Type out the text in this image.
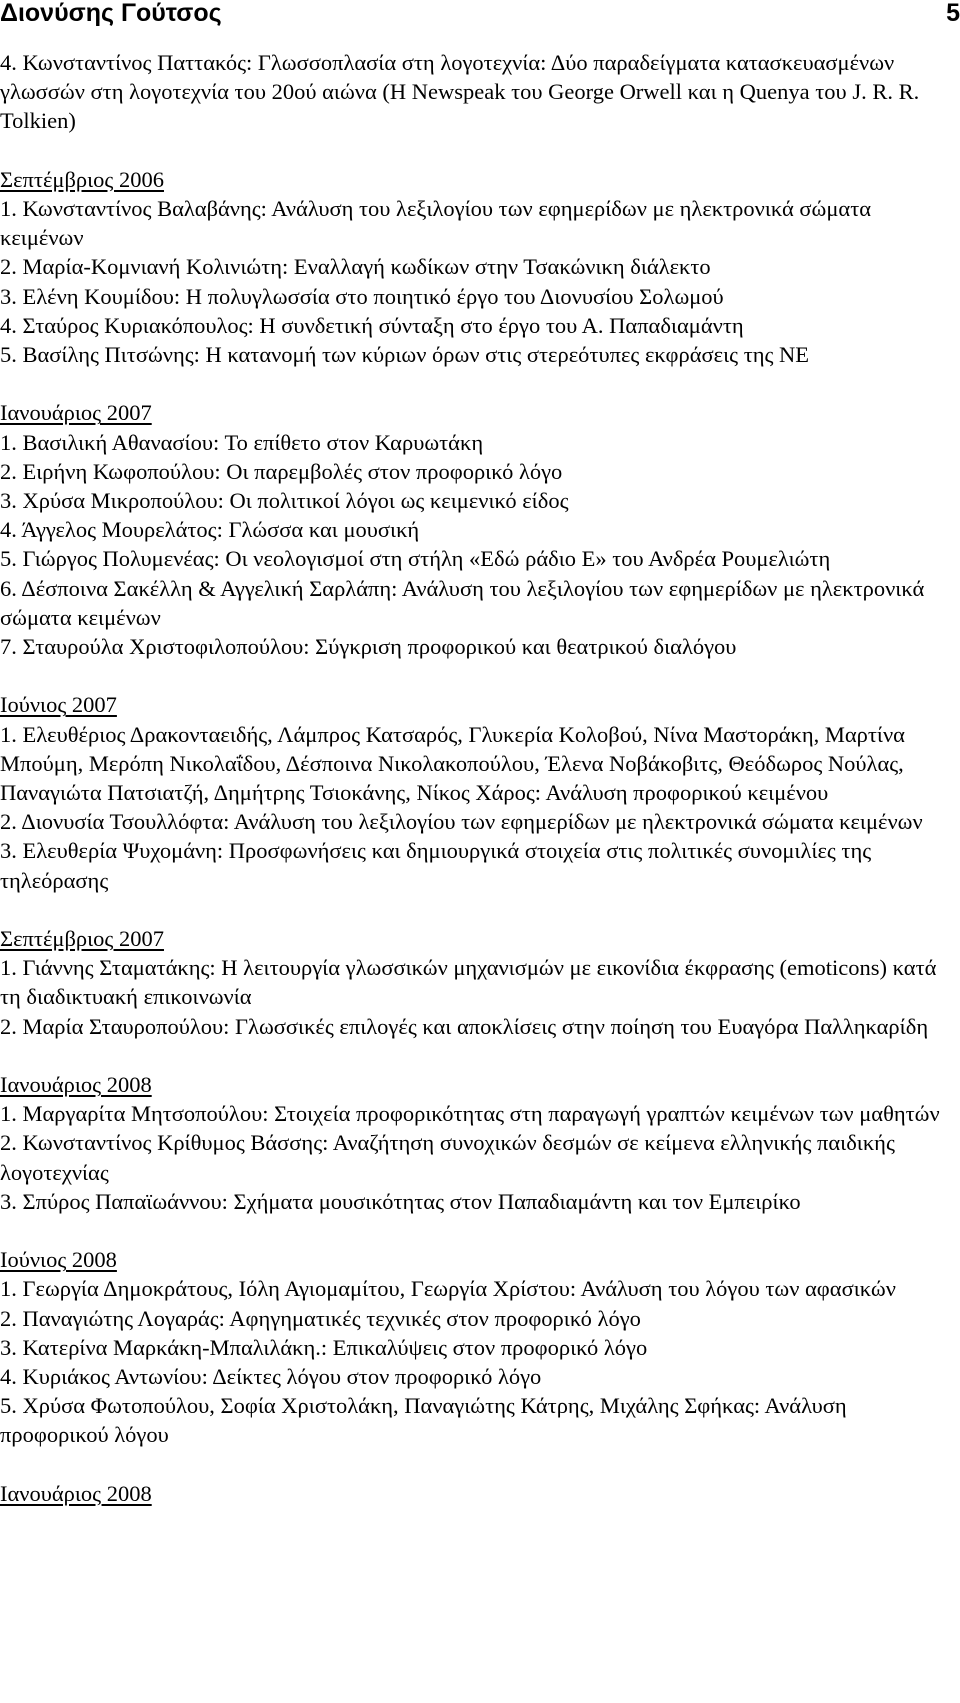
Διονύσης Γούτσος	5
4. Κωνσταντίνος Παττακός: Γλωσσοπλασία στη λογοτεχνία: Δύο παραδείγματα κατασκευασμένων γλωσσών στη λογοτεχνία του 20ού αιώνα (Η Newspeak του George Orwell και η Quenya του J. R. R. Tolkien)
Σεπτέμβριος 2006
1. Κωνσταντίνος Βαλαβάνης: Ανάλυση του λεξιλογίου των εφημερίδων με ηλεκτρονικά σώματα κειμένων
2. Μαρία-Κομνιανή Κολινιώτη: Εναλλαγή κωδίκων στην Τσακώνικη διάλεκτο
3. Ελένη Κουμίδου: Η πολυγλωσσία στο ποιητικό έργο του Διονυσίου Σολωμού
4. Σταύρος Κυριακόπουλος: Η συνδετική σύνταξη στο έργο του Α. Παπαδιαμάντη
5. Βασίλης Πιτσώνης: Η κατανομή των κύριων όρων στις στερεότυπες εκφράσεις της ΝΕ
Ιανουάριος 2007
1. Βασιλική Αθανασίου: Το επίθετο στον Καρυωτάκη
2. Ειρήνη Κωφοπούλου: Οι παρεμβολές στον προφορικό λόγο
3. Χρύσα Μικροπούλου: Οι πολιτικοί λόγοι ως κειμενικό είδος
4. Άγγελος Μουρελάτος: Γλώσσα και μουσική
5. Γιώργος Πολυμενέας: Οι νεολογισμοί στη στήλη «Εδώ ράδιο Ε» του Ανδρέα Ρουμελιώτη
6. Δέσποινα Σακέλλη & Αγγελική Σαρλάπη: Ανάλυση του λεξιλογίου των εφημερίδων με ηλεκτρονικά σώματα κειμένων
7. Σταυρούλα Χριστοφιλοπούλου: Σύγκριση προφορικού και θεατρικού διαλόγου
Ιούνιος 2007
1. Ελευθέριος Δρακονταειδής, Λάμπρος Κατσαρός, Γλυκερία Κολοβού, Νίνα Μαστοράκη, Μαρτίνα Μπούμη, Μερόπη Νικολαΐδου, Δέσποινα Νικολακοπούλου, Έλενα Νοβάκοβιτς, Θεόδωρος Νούλας, Παναγιώτα Πατσιατζή, Δημήτρης Τσιοκάνης, Νίκος Χάρος: Ανάλυση προφορικού κειμένου
2. Διονυσία Τσουλλόφτα: Ανάλυση του λεξιλογίου των εφημερίδων με ηλεκτρονικά σώματα κειμένων
3. Ελευθερία Ψυχομάνη: Προσφωνήσεις και δημιουργικά στοιχεία στις πολιτικές συνομιλίες της τηλεόρασης
Σεπτέμβριος 2007
1. Γιάννης Σταματάκης: Η λειτουργία γλωσσικών μηχανισμών με εικονίδια έκφρασης (emoticons) κατά τη διαδικτυακή επικοινωνία
2. Μαρία Σταυροπούλου: Γλωσσικές επιλογές και αποκλίσεις στην ποίηση του Ευαγόρα Παλληκαρίδη
Ιανουάριος 2008
1. Μαργαρίτα Μητσοπούλου: Στοιχεία προφορικότητας στη παραγωγή γραπτών κειμένων των μαθητών
2. Κωνσταντίνος Κρίθυμος Βάσσης: Αναζήτηση συνοχικών δεσμών σε κείμενα ελληνικής παιδικής λογοτεχνίας
3. Σπύρος Παπαϊωάννου: Σχήματα μουσικότητας στον Παπαδιαμάντη και τον Εμπειρίκο
Ιούνιος 2008
1. Γεωργία Δημοκράτους, Ιόλη Αγιομαμίτου, Γεωργία Χρίστου: Ανάλυση του λόγου των αφασικών
2. Παναγιώτης Λογαράς: Αφηγηματικές τεχνικές στον προφορικό λόγο
3. Κατερίνα Μαρκάκη-Μπαλιλάκη.: Επικαλύψεις στον προφορικό λόγο
4. Κυριάκος Αντωνίου: Δείκτες λόγου στον προφορικό λόγο
5. Χρύσα Φωτοπούλου, Σοφία Χριστολάκη, Παναγιώτης Κάτρης, Μιχάλης Σφήκας: Ανάλυση προφορικού λόγου
Ιανουάριος 2008
